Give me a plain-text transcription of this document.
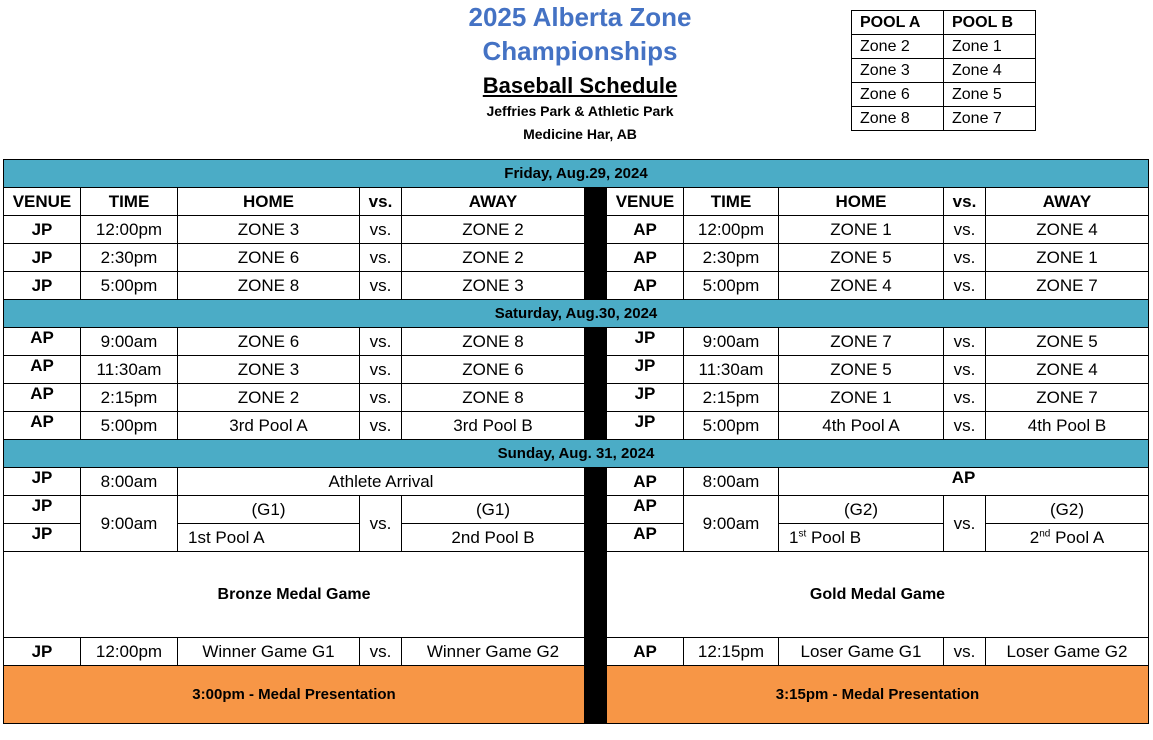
2025 Alberta Zone
Championships
Baseball Schedule
Jeffries Park & Athletic Park
Medicine Har, AB
POOL A	POOL B
Zone 2	Zone 1
Zone 3	Zone 4
Zone 6	Zone 5
Zone 8	Zone 7
Friday, Aug.29, 2024										
VENUE	TIME	HOME	vs.	AWAY		VENUE	TIME	HOME	vs.	AWAY
JP	12:00pm	ZONE 3	vs.	ZONE 2		AP	12:00pm	ZONE 1	vs.	ZONE 4
JP	2:30pm	ZONE 6	vs.	ZONE 2		AP	2:30pm	ZONE 5	vs.	ZONE 1
JP	5:00pm	ZONE 8	vs.	ZONE 3		AP	5:00pm	ZONE 4	vs.	ZONE 7
Saturday, Aug.30, 2024										
AP	9:00am	ZONE 6	vs.	ZONE 8		JP	9:00am	ZONE 7	vs.	ZONE 5
AP	11:30am	ZONE 3	vs.	ZONE 6		JP	11:30am	ZONE 5	vs.	ZONE 4
AP	2:15pm	ZONE 2	vs.	ZONE 8		JP	2:15pm	ZONE 1	vs.	ZONE 7
AP	5:00pm	3rd Pool A	vs.	3rd Pool B		JP	5:00pm	4th Pool A	vs.	4th Pool B
Sunday, Aug. 31, 2024										
JP	8:00am	Athlete Arrival				AP	8:00am	AP		
JP	9:00am	(G1)	vs.	(G1)		AP	9:00am	(G2)	vs.	(G2)
JP		1st Pool A		2nd Pool B		AP		1st Pool B		2nd Pool A
Bronze Medal Game						Gold Medal Game				
JP	12:00pm	Winner Game G1	vs.	Winner Game G2		AP	12:15pm	Loser Game G1	vs.	Loser Game G2
3:00pm - Medal Presentation						3:15pm - Medal Presentation				
